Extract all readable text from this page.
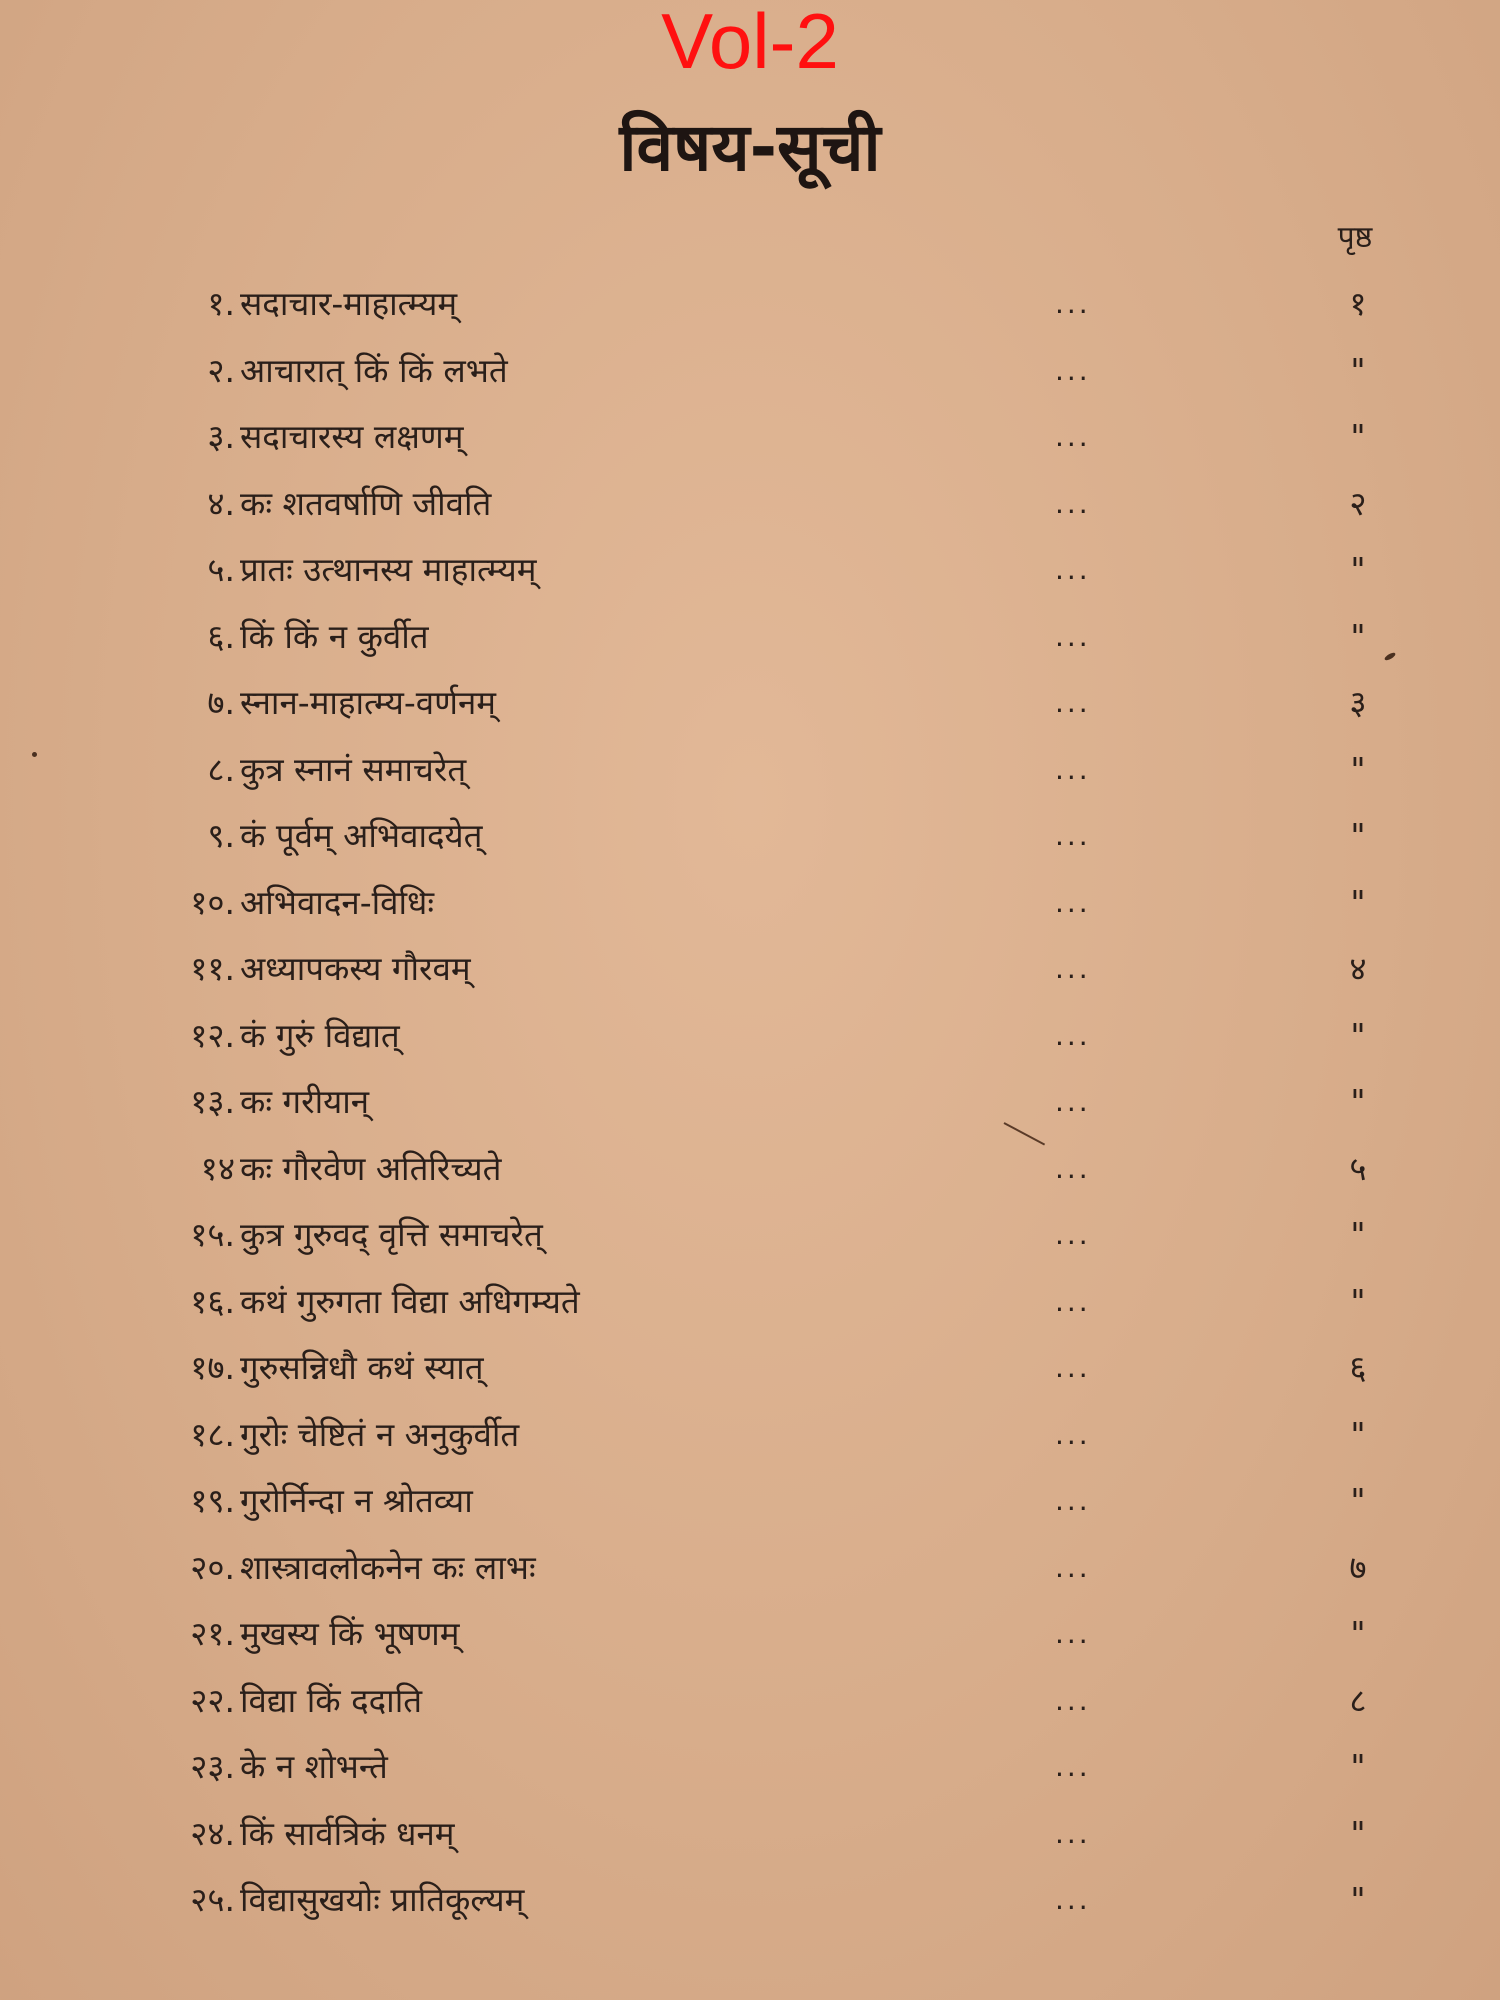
Vol-2
विषय-सूची
पृष्ठ
१. सदाचार-माहात्म्यम्	...	१
२. आचारात् किं किं लभते	...	"
३. सदाचारस्य लक्षणम्	...	"
४. कः शतवर्षाणि जीवति	...	२
५. प्रातः उत्थानस्य माहात्म्यम्	...	"
६. किं किं न कुर्वीत	...	"
७. स्नान-माहात्म्य-वर्णनम्	...	३
८. कुत्र स्नानं समाचरेत्	...	"
९. कं पूर्वम् अभिवादयेत्	...	"
१०. अभिवादन-विधिः	...	"
११. अध्यापकस्य गौरवम्	...	४
१२. कं गुरुं विद्यात्	...	"
१३. कः गरीयान्	...	"
१४ कः गौरवेण अतिरिच्यते	...	५
१५. कुत्र गुरुवद् वृत्ति समाचरेत्	...	"
१६. कथं गुरुगता विद्या अधिगम्यते	...	"
१७. गुरुसन्निधौ कथं स्यात्	...	६
१८. गुरोः चेष्टितं न अनुकुर्वीत	...	"
१९. गुरोर्निन्दा न श्रोतव्या	...	"
२०. शास्त्रावलोकनेन कः लाभः	...	७
२१. मुखस्य किं भूषणम्	...	"
२२. विद्या किं ददाति	...	८
२३. के न शोभन्ते	...	"
२४. किं सार्वत्रिकं धनम्	...	"
२५. विद्यासुखयोः प्रातिकूल्यम्	...	"
